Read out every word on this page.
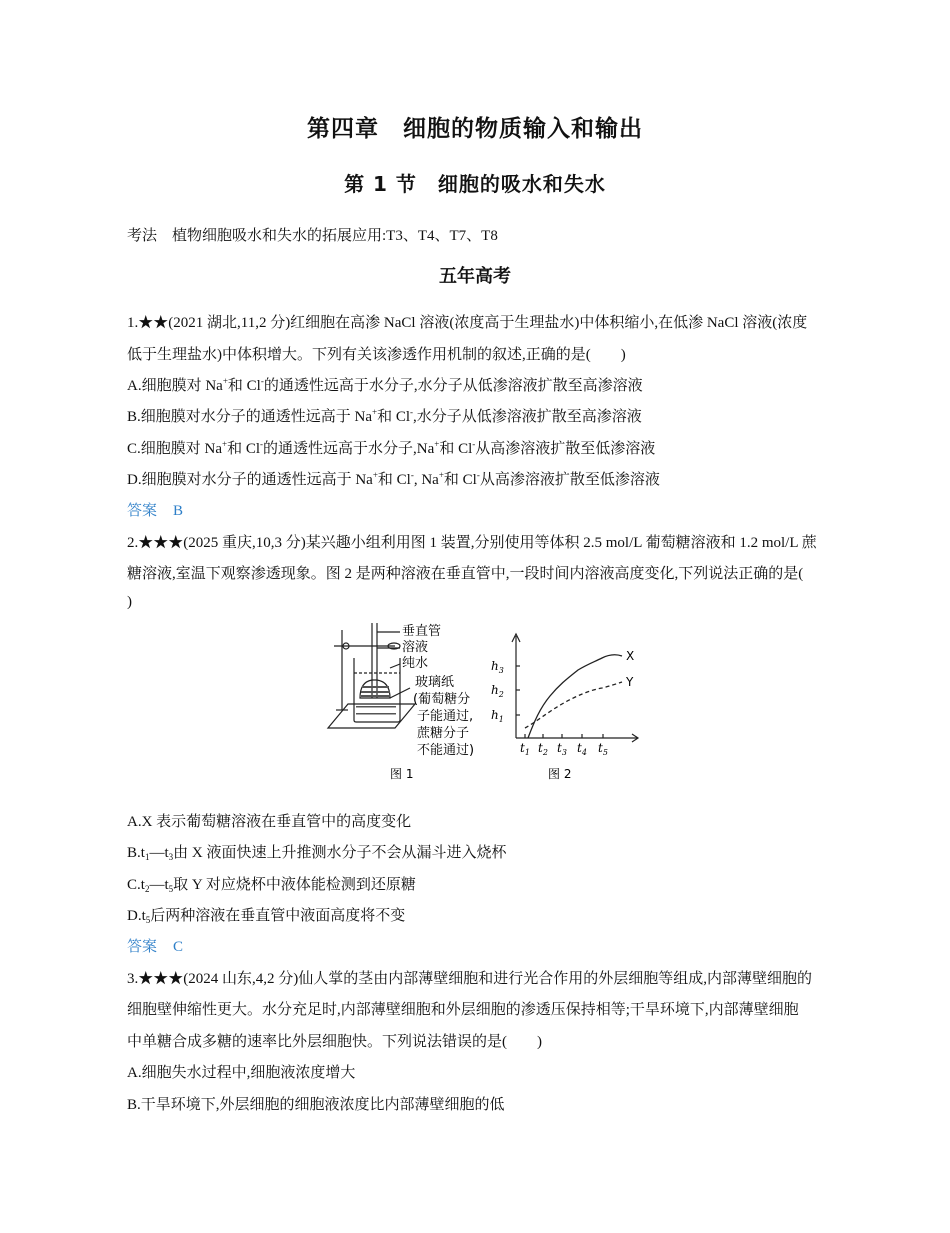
第四章　细胞的物质输入和输出
第 1 节　细胞的吸水和失水
考法　植物细胞吸水和失水的拓展应用:T3、T4、T7、T8
五年高考
1.★★(2021 湖北,11,2 分)红细胞在高渗 NaCl 溶液(浓度高于生理盐水)中体积缩小,在低渗 NaCl 溶液(浓度
低于生理盐水)中体积增大。下列有关该渗透作用机制的叙述,正确的是(　　)
A.细胞膜对 Na+和 Cl-的通透性远高于水分子,水分子从低渗溶液扩散至高渗溶液
B.细胞膜对水分子的通透性远高于 Na+和 Cl-,水分子从低渗溶液扩散至高渗溶液
C.细胞膜对 Na+和 Cl-的通透性远高于水分子,Na+和 Cl-从高渗溶液扩散至低渗溶液
D.细胞膜对水分子的通透性远高于 Na+和 Cl-, Na+和 Cl-从高渗溶液扩散至低渗溶液
答案 B
2.★★★(2025 重庆,10,3 分)某兴趣小组利用图 1 装置,分别使用等体积 2.5 mol/L 葡萄糖溶液和 1.2 mol/L 蔗
糖溶液,室温下观察渗透现象。图 2 是两种溶液在垂直管中,一段时间内溶液高度变化,下列说法正确的是(
)
垂直管
溶液
纯水
玻璃纸
(葡萄糖分
子能通过,
蔗糖分子
不能通过)
图 1
X
Y
$h_3$
$h_2$
$h_1$
$t_1$ $t_2$ $t_3$ $t_4$ $t_5$
图 2
A.X 表示葡萄糖溶液在垂直管中的高度变化
$B.t_1—t_3$由 X 液面快速上升推测水分子不会从漏斗进入烧杯
$C.t_2—t_5$取 Y 对应烧杯中液体能检测到还原糖
$D.t_5$后两种溶液在垂直管中液面高度将不变
答案 C
3.★★★(2024 山东,4,2 分)仙人掌的茎由内部薄壁细胞和进行光合作用的外层细胞等组成,内部薄壁细胞的
细胞壁伸缩性更大。水分充足时,内部薄壁细胞和外层细胞的渗透压保持相等;干旱环境下,内部薄壁细胞
中单糖合成多糖的速率比外层细胞快。下列说法错误的是(　　)
A.细胞失水过程中,细胞液浓度增大
B.干旱环境下,外层细胞的细胞液浓度比内部薄壁细胞的低
